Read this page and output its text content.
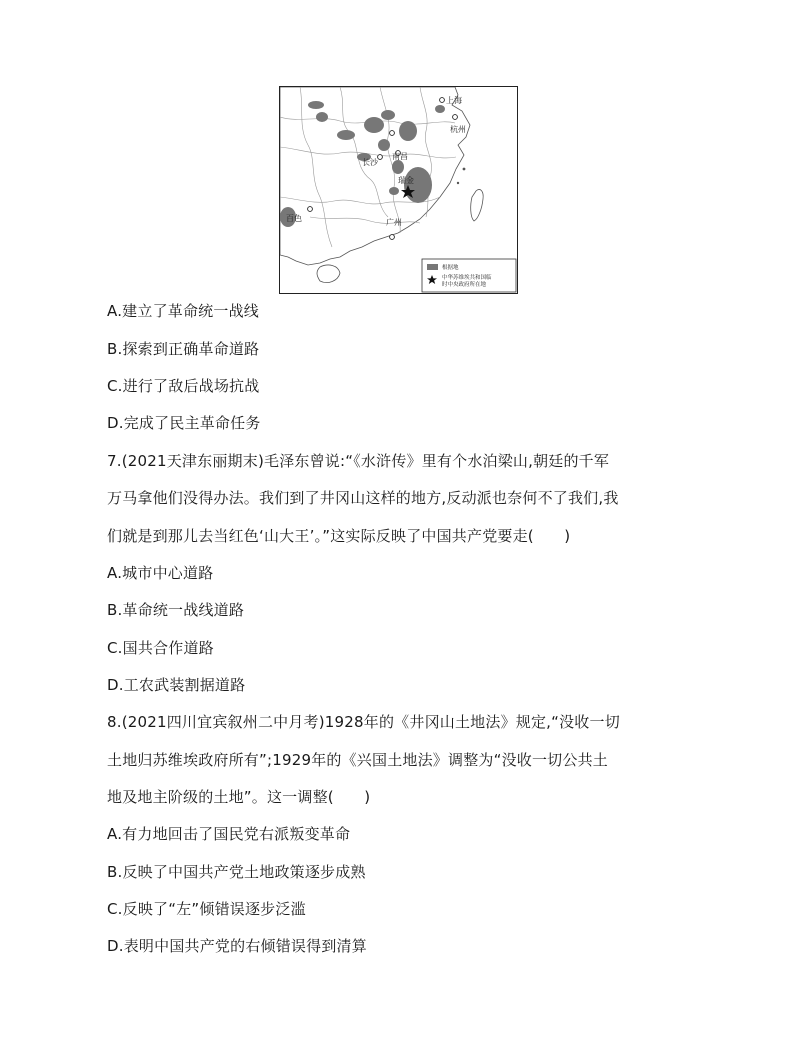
上海
杭州
长沙
南昌
瑞金
广州
百色
根据地
中华苏维埃共和国临
时中央政府所在地
A.建立了革命统一战线
B.探索到正确革命道路
C.进行了敌后战场抗战
D.完成了民主革命任务
7.(2021天津东丽期末)毛泽东曾说:“《水浒传》里有个水泊梁山,朝廷的千军
万马拿他们没得办法。我们到了井冈山这样的地方,反动派也奈何不了我们,我
们就是到那儿去当红色‘山大王’。”这实际反映了中国共产党要走(　　)
A.城市中心道路
B.革命统一战线道路
C.国共合作道路
D.工农武装割据道路
8.(2021四川宜宾叙州二中月考)1928年的《井冈山土地法》规定,“没收一切
土地归苏维埃政府所有”;1929年的《兴国土地法》调整为“没收一切公共土
地及地主阶级的土地”。这一调整(　　)
A.有力地回击了国民党右派叛变革命
B.反映了中国共产党土地政策逐步成熟
C.反映了“左”倾错误逐步泛滥
D.表明中国共产党的右倾错误得到清算
